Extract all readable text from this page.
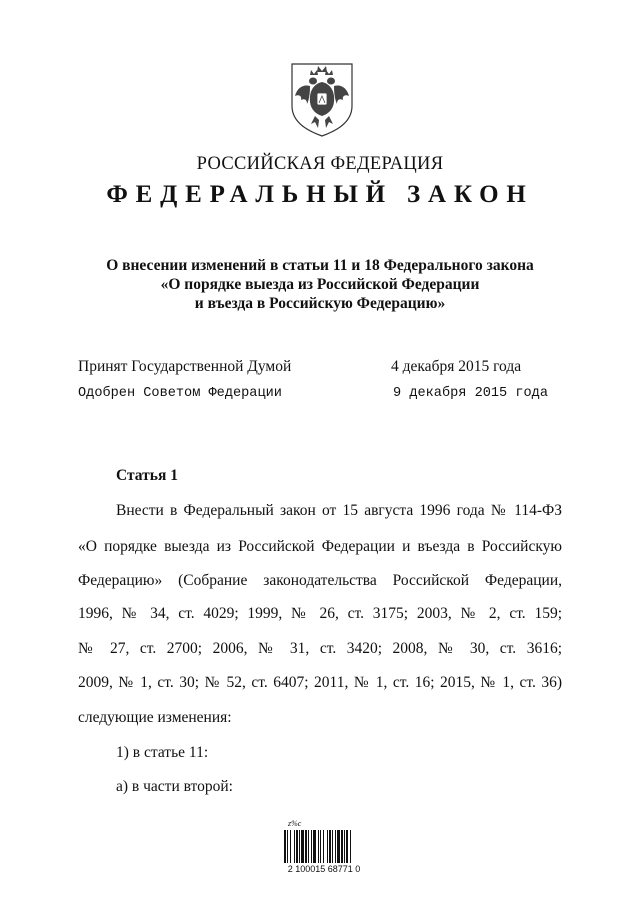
РОССИЙСКАЯ ФЕДЕРАЦИЯ
ФЕДЕРАЛЬНЫЙ ЗАКОН
О внесении изменений в статьи 11 и 18 Федерального закона
«О порядке выезда из Российской Федерации
и въезда в Российскую Федерацию»
Принят Государственной Думой	4 декабря 2015 года
Одобрен Советом Федерации	9 декабря 2015 года
Статья 1
Внести в Федеральный закон от 15 августа 1996 года № 114-ФЗ
«О порядке выезда из Российской Федерации и въезда в Российскую
Федерацию» (Собрание законодательства Российской Федерации,
1996, № 34, ст. 4029; 1999, № 26, ст. 3175; 2003, № 2, ст. 159;
№ 27, ст. 2700; 2006, № 31, ст. 3420; 2008, № 30, ст. 3616;
2009, № 1, ст. 30; № 52, ст. 6407; 2011, № 1, ст. 16; 2015, № 1, ст. 36)
следующие изменения:
1) в статье 11:
а) в части второй:
z%c
2 100015 68771 0
